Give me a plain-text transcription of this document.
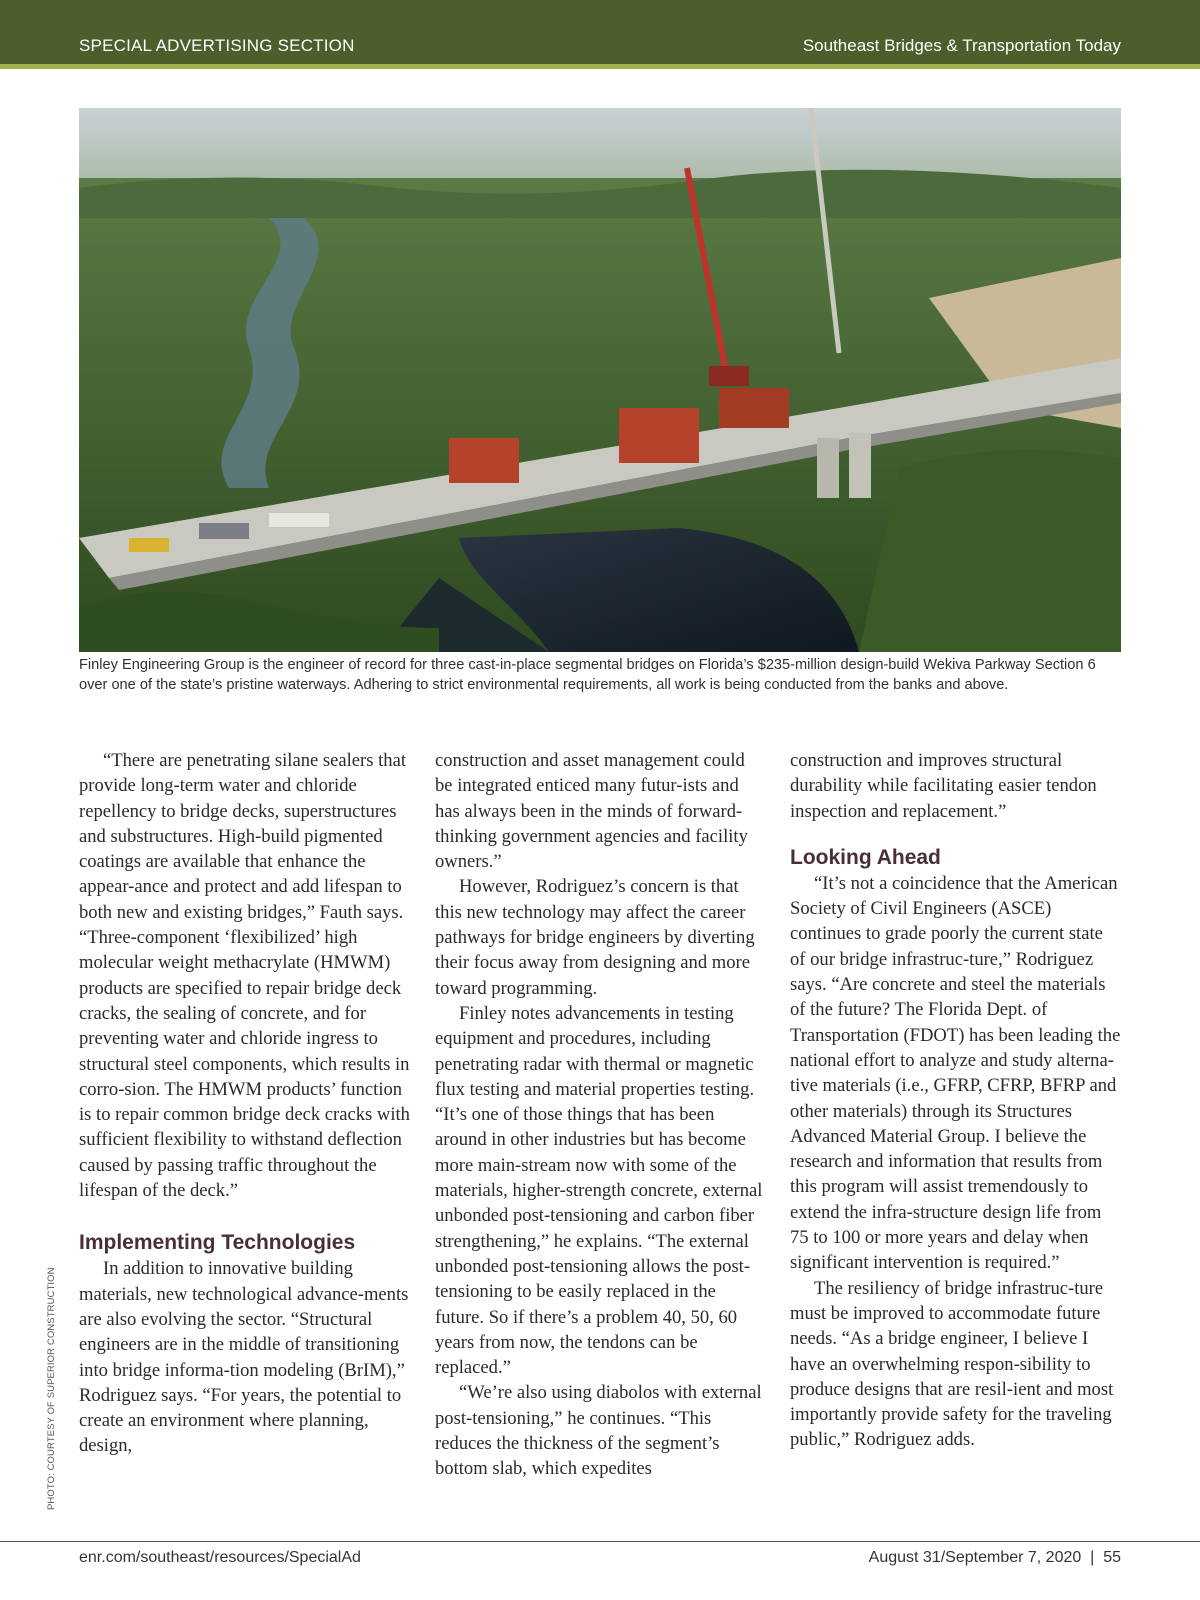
SPECIAL ADVERTISING SECTION	Southeast Bridges & Transportation Today
Finley Engineering Group is the engineer of record for three cast-in-place segmental bridges on Florida’s $235-million design-build Wekiva Parkway Section 6 over one of the state’s pristine waterways. Adhering to strict environmental requirements, all work is being conducted from the banks and above.
PHOTO: COURTESY OF SUPERIOR CONSTRUCTION

“There are penetrating silane sealers that provide long-term water and chloride repellency to bridge decks, superstructures and substructures. High-build pigmented coatings are available that enhance the appear-ance and protect and add lifespan to both new and existing bridges,” Fauth says. “Three-component ‘flexibilized’ high molecular weight methacrylate (HMWM) products are specified to repair bridge deck cracks, the sealing of concrete, and for preventing water and chloride ingress to structural steel components, which results in corro-sion. The HMWM products’ function is to repair common bridge deck cracks with sufficient flexibility to withstand deflection caused by passing traffic throughout the lifespan of the deck.”

Implementing Technologies

In addition to innovative building materials, new technological advance-ments are also evolving the sector. “Structural engineers are in the middle of transitioning into bridge informa-tion modeling (BrIM),” Rodriguez says. “For years, the potential to create an environment where planning, design,

construction and asset management could be integrated enticed many futur-ists and has always been in the minds of forward-thinking government agencies and facility owners.”

However, Rodriguez’s concern is that this new technology may affect the career pathways for bridge engineers by diverting their focus away from designing and more toward programming.

Finley notes advancements in testing equipment and procedures, including penetrating radar with thermal or magnetic flux testing and material properties testing. “It’s one of those things that has been around in other industries but has become more main-stream now with some of the materials, higher-strength concrete, external unbonded post-tensioning and carbon fiber strengthening,” he explains. “The external unbonded post-tensioning allows the post-tensioning to be easily replaced in the future. So if there’s a problem 40, 50, 60 years from now, the tendons can be replaced.”

“We’re also using diabolos with external post-tensioning,” he continues. “This reduces the thickness of the segment’s bottom slab, which expedites

construction and improves structural durability while facilitating easier tendon inspection and replacement.”

Looking Ahead

“It’s not a coincidence that the American Society of Civil Engineers (ASCE) continues to grade poorly the current state of our bridge infrastruc-ture,” Rodriguez says. “Are concrete and steel the materials of the future? The Florida Dept. of Transportation (FDOT) has been leading the national effort to analyze and study alterna-tive materials (i.e., GFRP, CFRP, BFRP and other materials) through its Structures Advanced Material Group. I believe the research and information that results from this program will assist tremendously to extend the infra-structure design life from 75 to 100 or more years and delay when significant intervention is required.”

The resiliency of bridge infrastruc-ture must be improved to accommodate future needs. “As a bridge engineer, I believe I have an overwhelming respon-sibility to produce designs that are resil-ient and most importantly provide safety for the traveling public,” Rodriguez adds.

enr.com/southeast/resources/SpecialAd	August 31/September 7, 2020  |  55
